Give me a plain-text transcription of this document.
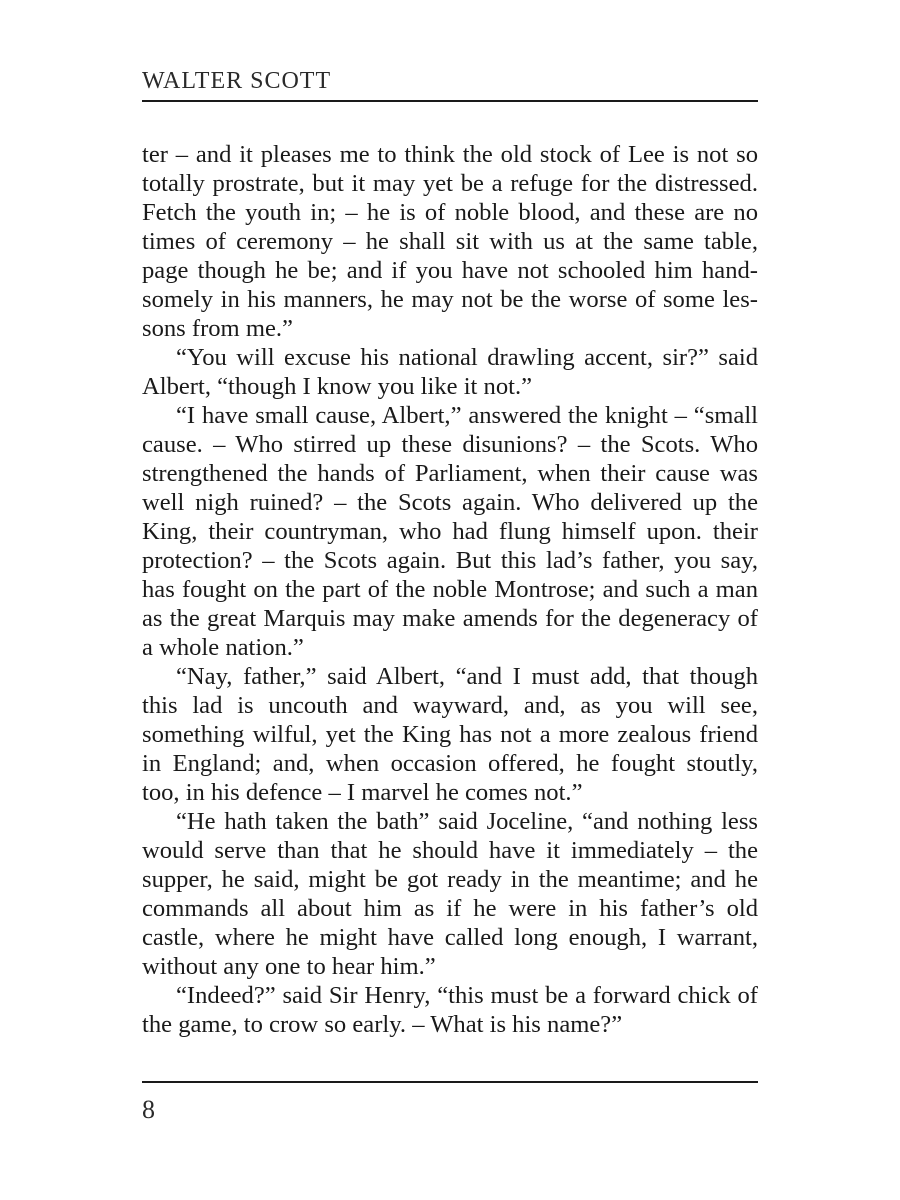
WALTER SCOTT

ter – and it pleases me to think the old stock of Lee is not so totally prostrate, but it may yet be a refuge for the distressed. Fetch the youth in; – he is of noble blood, and these are no times of ceremony – he shall sit with us at the same table, page though he be; and if you have not schooled him handsomely in his manners, he may not be the worse of some lessons from me.”

“You will excuse his national drawling accent, sir?” said Albert, “though I know you like it not.”

“I have small cause, Albert,” answered the knight – “small cause. – Who stirred up these disunions? – the Scots. Who strengthened the hands of Parliament, when their cause was well nigh ruined? – the Scots again. Who delivered up the King, their countryman, who had flung himself upon. their protection? – the Scots again. But this lad’s father, you say, has fought on the part of the noble Montrose; and such a man as the great Marquis may make amends for the degeneracy of a whole nation.”

“Nay, father,” said Albert, “and I must add, that though this lad is uncouth and wayward, and, as you will see, something wilful, yet the King has not a more zealous friend in England; and, when occasion offered, he fought stoutly, too, in his defence – I marvel he comes not.”

“He hath taken the bath” said Joceline, “and nothing less would serve than that he should have it immediately – the supper, he said, might be got ready in the meantime; and he commands all about him as if he were in his father’s old castle, where he might have called long enough, I warrant, without any one to hear him.”

“Indeed?” said Sir Henry, “this must be a forward chick of the game, to crow so early. – What is his name?”

8
